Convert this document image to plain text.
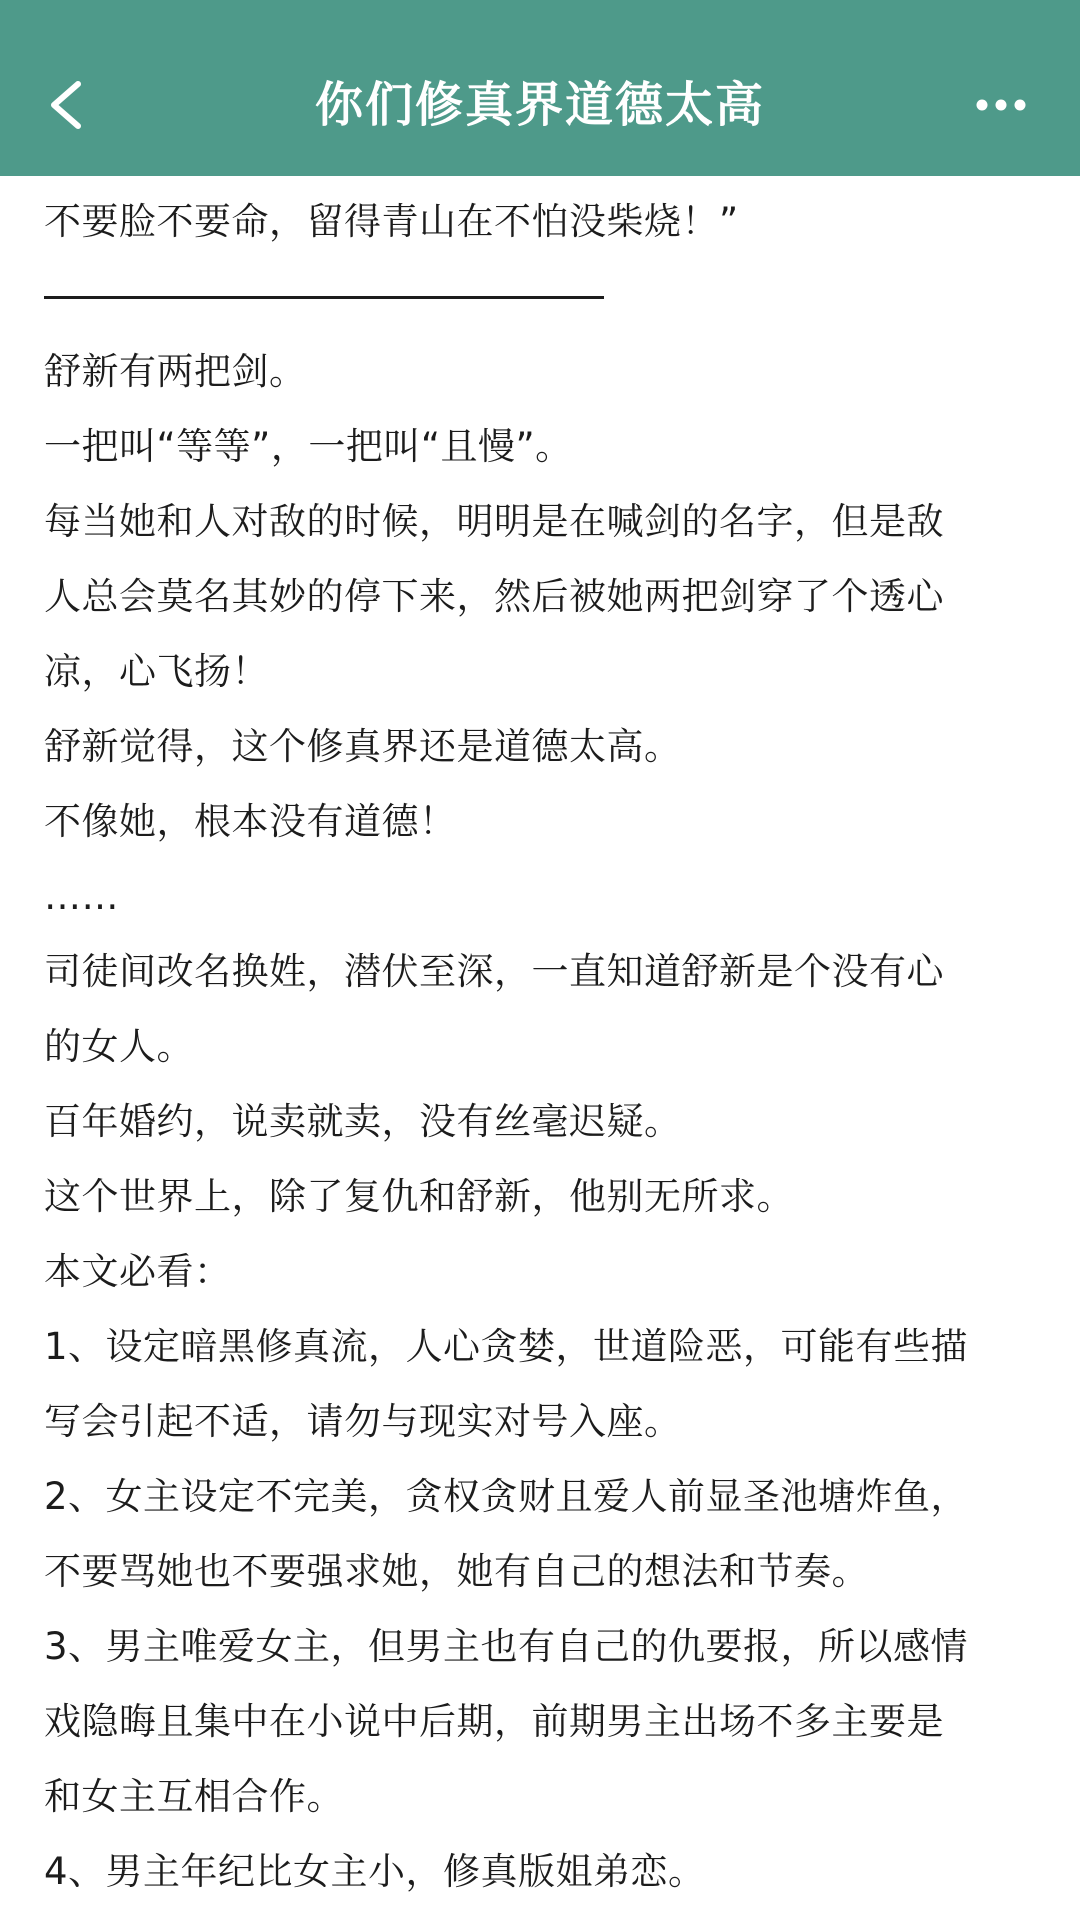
你们修真界道德太高
不要脸不要命，留得青山在不怕没柴烧！”
舒新有两把剑。
一把叫“等等”，一把叫“且慢”。
每当她和人对敌的时候，明明是在喊剑的名字，但是敌
人总会莫名其妙的停下来，然后被她两把剑穿了个透心
凉，心飞扬！
舒新觉得，这个修真界还是道德太高。
不像她，根本没有道德！
……
司徒间改名换姓，潜伏至深，一直知道舒新是个没有心
的女人。
百年婚约，说卖就卖，没有丝毫迟疑。
这个世界上，除了复仇和舒新，他别无所求。
本文必看：
1、设定暗黑修真流，人心贪婪，世道险恶，可能有些描
写会引起不适，请勿与现实对号入座。
2、女主设定不完美，贪权贪财且爱人前显圣池塘炸鱼，
不要骂她也不要强求她，她有自己的想法和节奏。
3、男主唯爱女主，但男主也有自己的仇要报，所以感情
戏隐晦且集中在小说中后期，前期男主出场不多主要是
和女主互相合作。
4、男主年纪比女主小，修真版姐弟恋。
